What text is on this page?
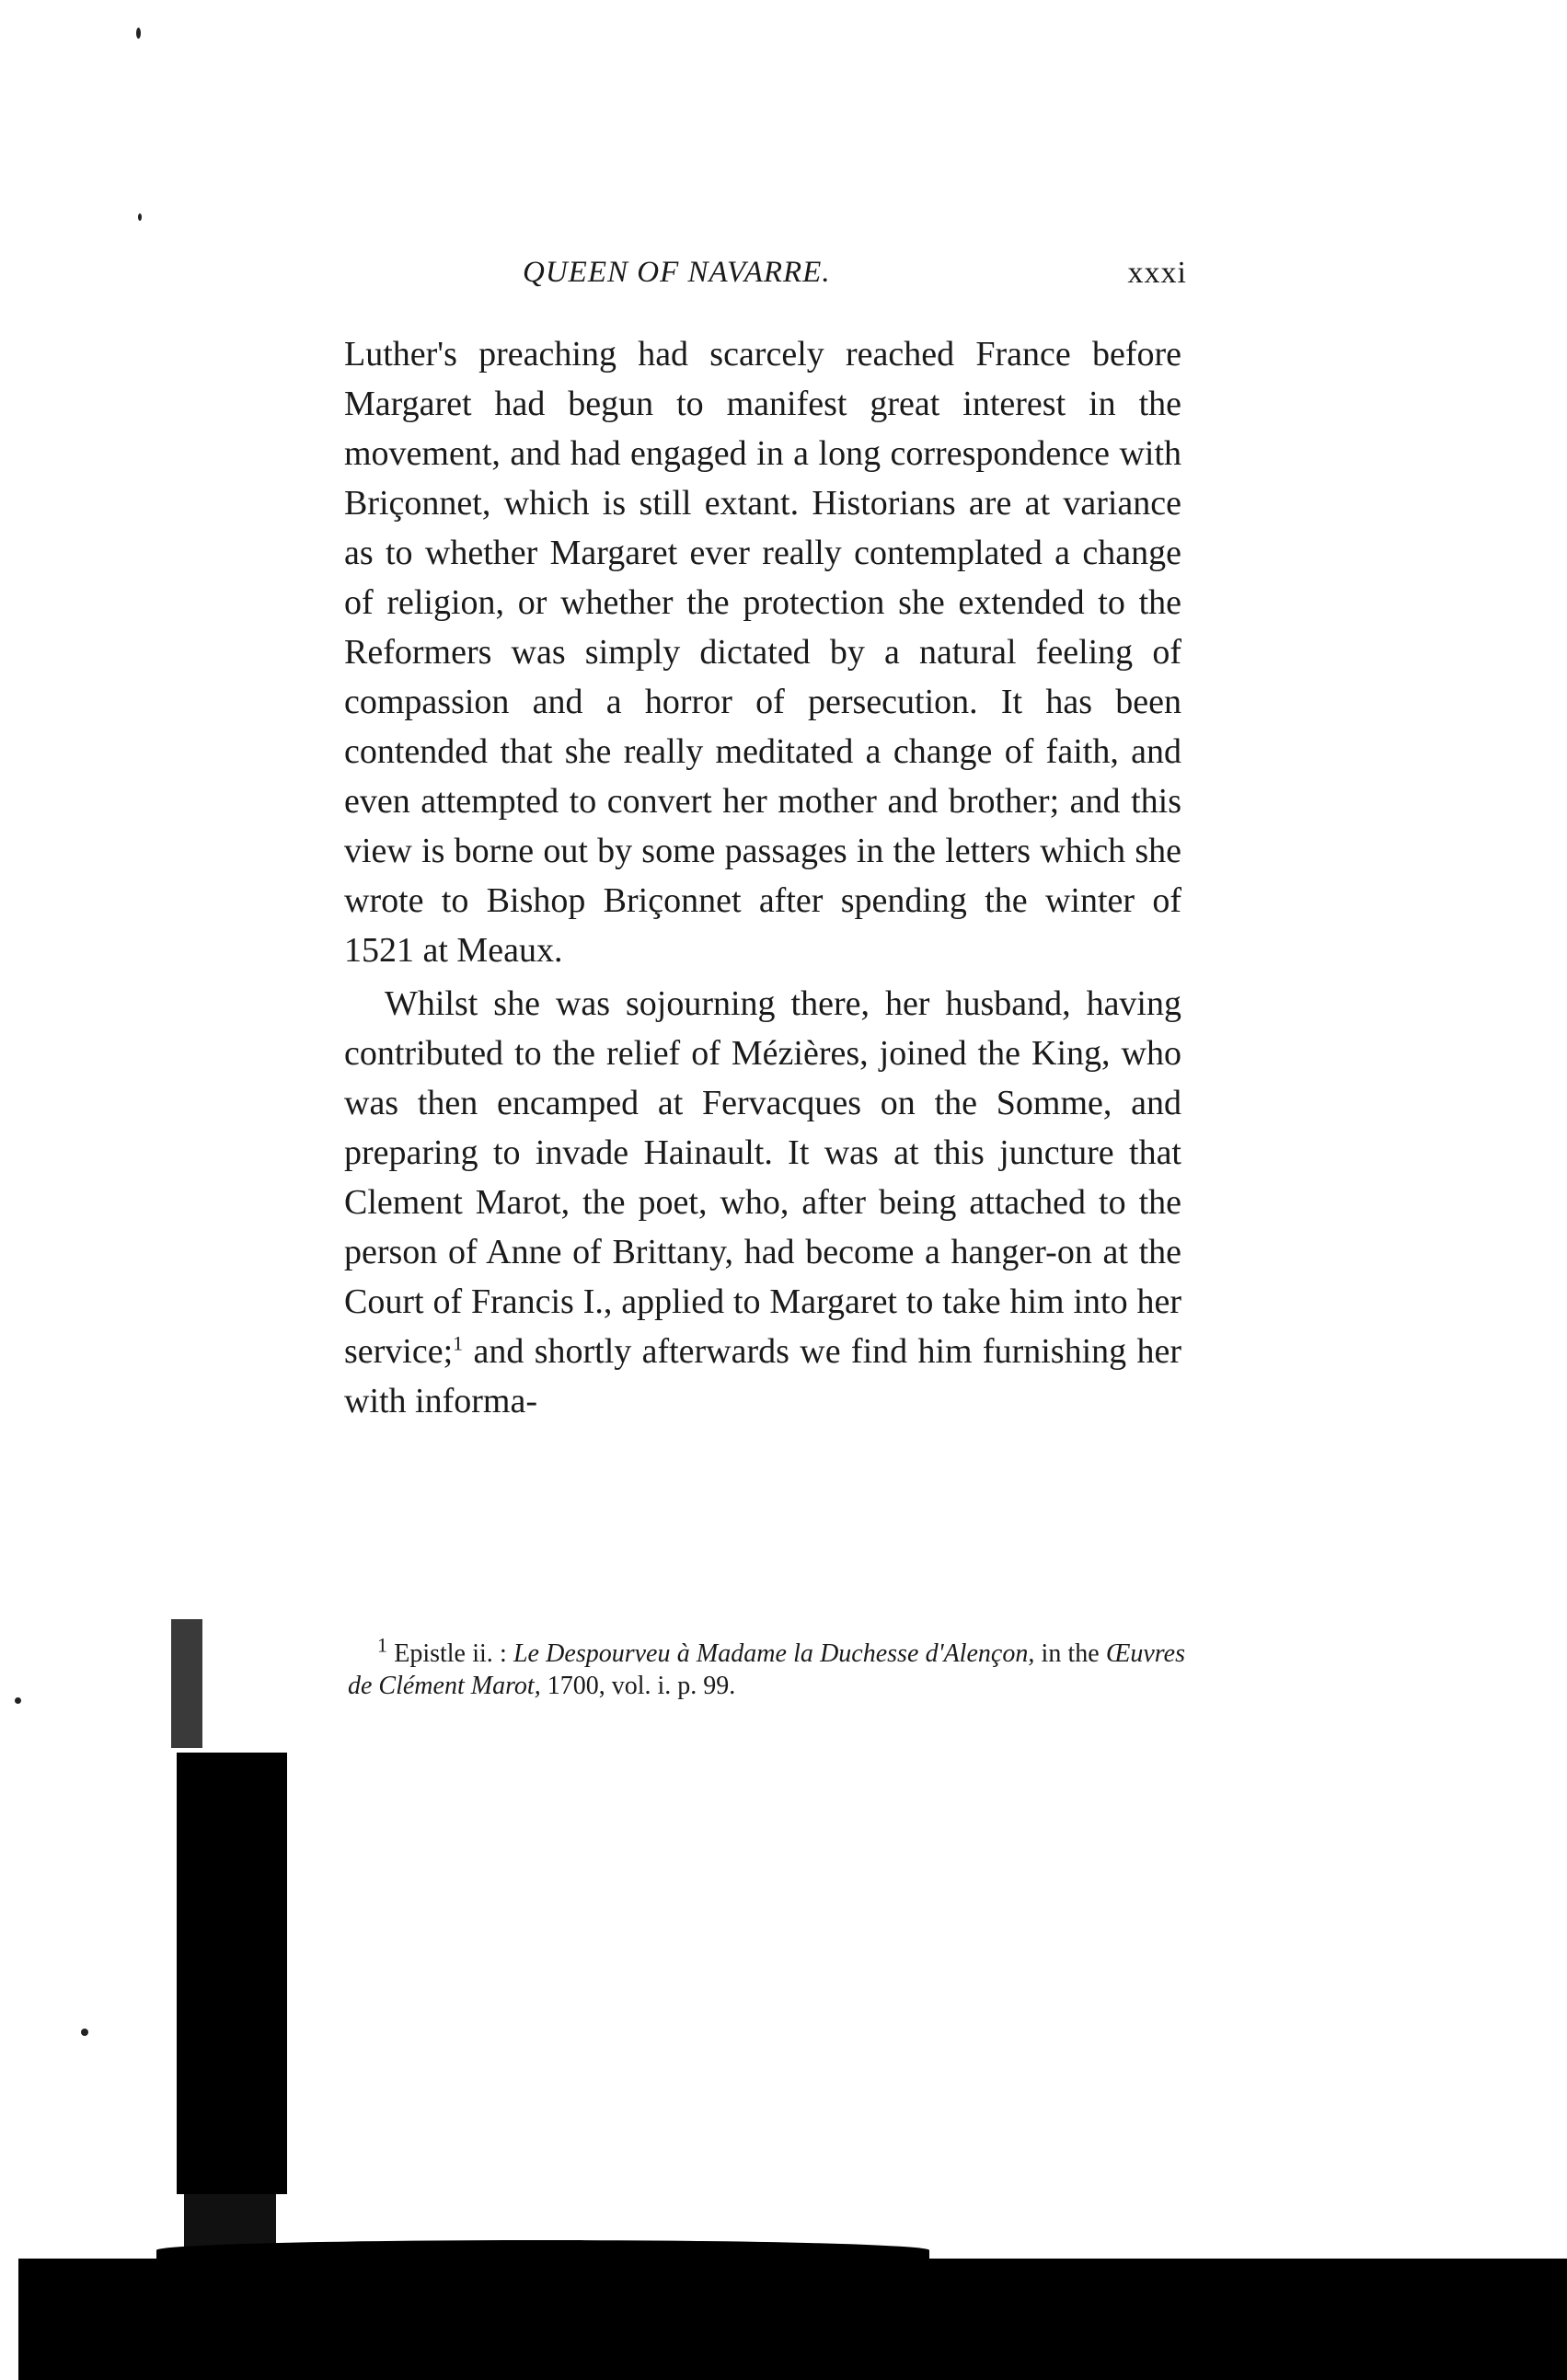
QUEEN OF NAVARRE.	xxxi

Luther's preaching had scarcely reached France before Margaret had begun to manifest great interest in the movement, and had engaged in a long correspondence with Briçonnet, which is still extant. Historians are at variance as to whether Margaret ever really contemplated a change of religion, or whether the protection she extended to the Reformers was simply dictated by a natural feeling of compassion and a horror of persecution. It has been contended that she really meditated a change of faith, and even attempted to convert her mother and brother; and this view is borne out by some passages in the letters which she wrote to Bishop Briçonnet after spending the winter of 1521 at Meaux.

Whilst she was sojourning there, her husband, having contributed to the relief of Mézières, joined the King, who was then encamped at Fervacques on the Somme, and preparing to invade Hainault. It was at this juncture that Clement Marot, the poet, who, after being attached to the person of Anne of Brittany, had become a hanger-on at the Court of Francis I., applied to Margaret to take him into her service;$^1$ and shortly afterwards we find him furnishing her with informa-

$^1$ Epistle ii. : Le Despourveu à Madame la Duchesse d'Alençon, in the Œuvres de Clément Marot, 1700, vol. i. p. 99.
